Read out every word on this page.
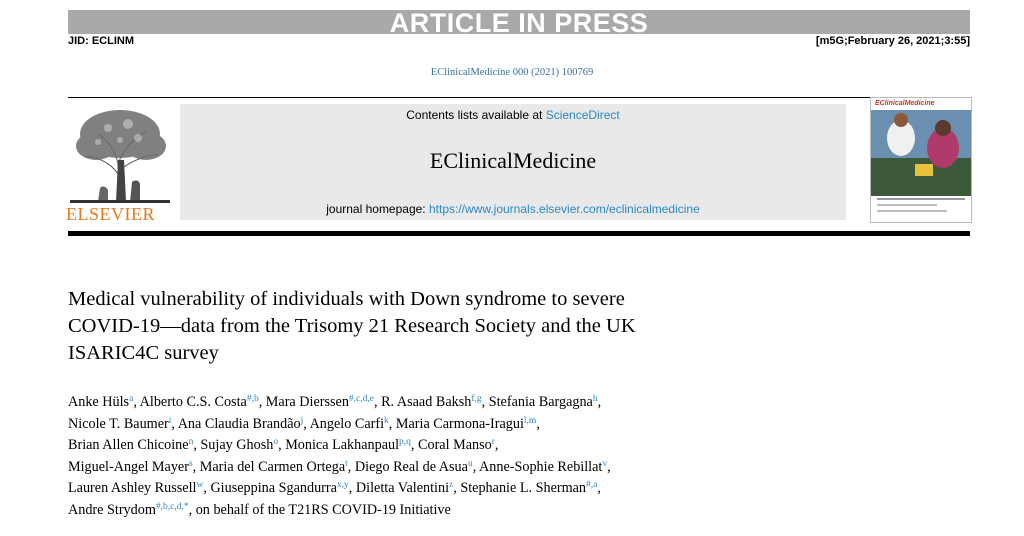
ARTICLE IN PRESS
JID: ECLINM	[m5G;February 26, 2021;3:55]
EClinicalMedicine 000 (2021) 100769
ELSEVIER
Contents lists available at ScienceDirect
EClinicalMedicine
journal homepage: https://www.journals.elsevier.com/eclinicalmedicine
EClinicalMedicine
Medical vulnerability of individuals with Down syndrome to severe
COVID-19—data from the Trisomy 21 Research Society and the UK
ISARIC4C survey
Anke Hüls$^a$, Alberto C.S. Costa$^{\#,b}$, Mara Dierssen$^{\#,c,d,e}$, R. Asaad Baksh$^{f,g}$, Stefania Bargagna$^h$,
Nicole T. Baumer$^i$, Ana Claudia Brandão$^j$, Angelo Carfi$^k$, Maria Carmona-Iragui$^{l,m}$,
Brian Allen Chicoine$^n$, Sujay Ghosh$^o$, Monica Lakhanpaul$^{p,q}$, Coral Manso$^r$,
Miguel-Angel Mayer$^s$, Maria del Carmen Ortega$^t$, Diego Real de Asua$^u$, Anne-Sophie Rebillat$^v$,
Lauren Ashley Russell$^w$, Giuseppina Sgandurra$^{x,y}$, Diletta Valentini$^z$, Stephanie L. Sherman$^{\#,a}$,
Andre Strydom$^{\#,b,c,d,*}$, on behalf of the T21RS COVID-19 Initiative
